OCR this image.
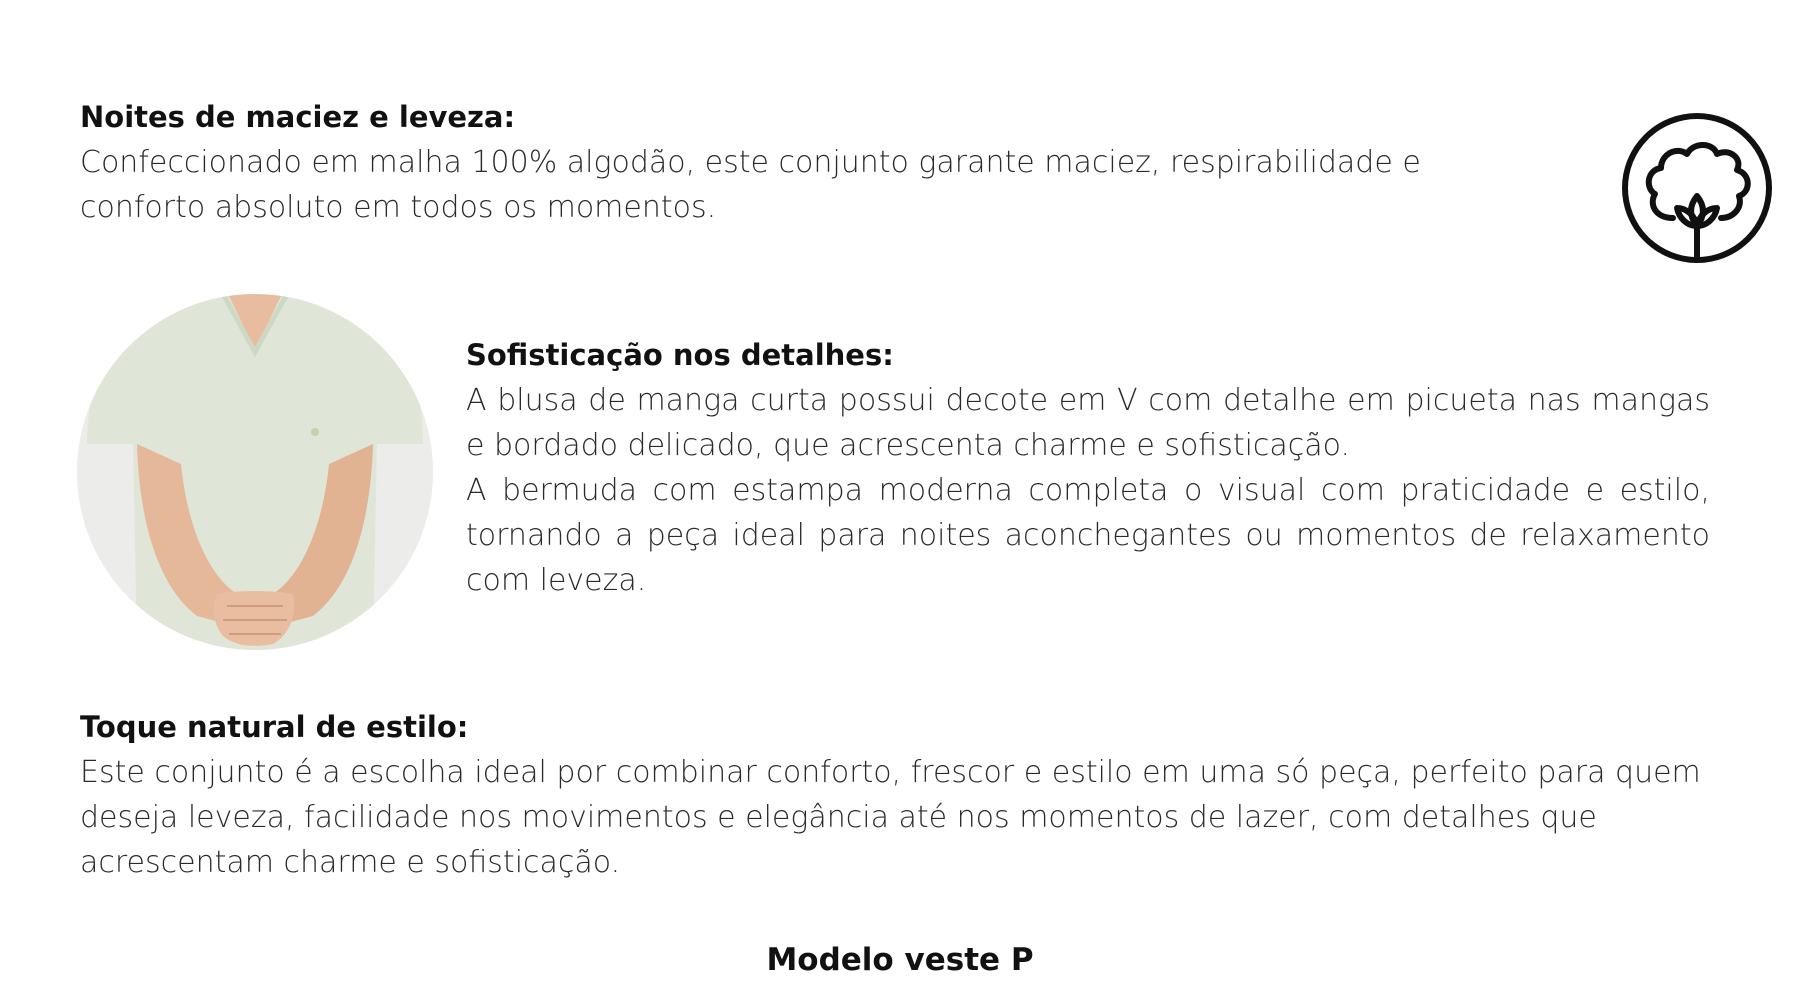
Noites de maciez e leveza:

Confeccionado em malha 100% algodão, este conjunto garante maciez, respirabilidade e conforto absoluto em todos os momentos.

Sofisticação nos detalhes:

A blusa de manga curta possui decote em V com detalhe em picueta nas mangas e bordado delicado, que acrescenta charme e sofisticação.

A bermuda com estampa moderna completa o visual com praticidade e estilo, tornando a peça ideal para noites aconchegantes ou momentos de relaxamento com leveza.

Toque natural de estilo:

Este conjunto é a escolha ideal por combinar conforto, frescor e estilo em uma só peça, perfeito para quem deseja leveza, facilidade nos movimentos e elegância até nos momentos de lazer, com detalhes que acrescentam charme e sofisticação.

Modelo veste P
